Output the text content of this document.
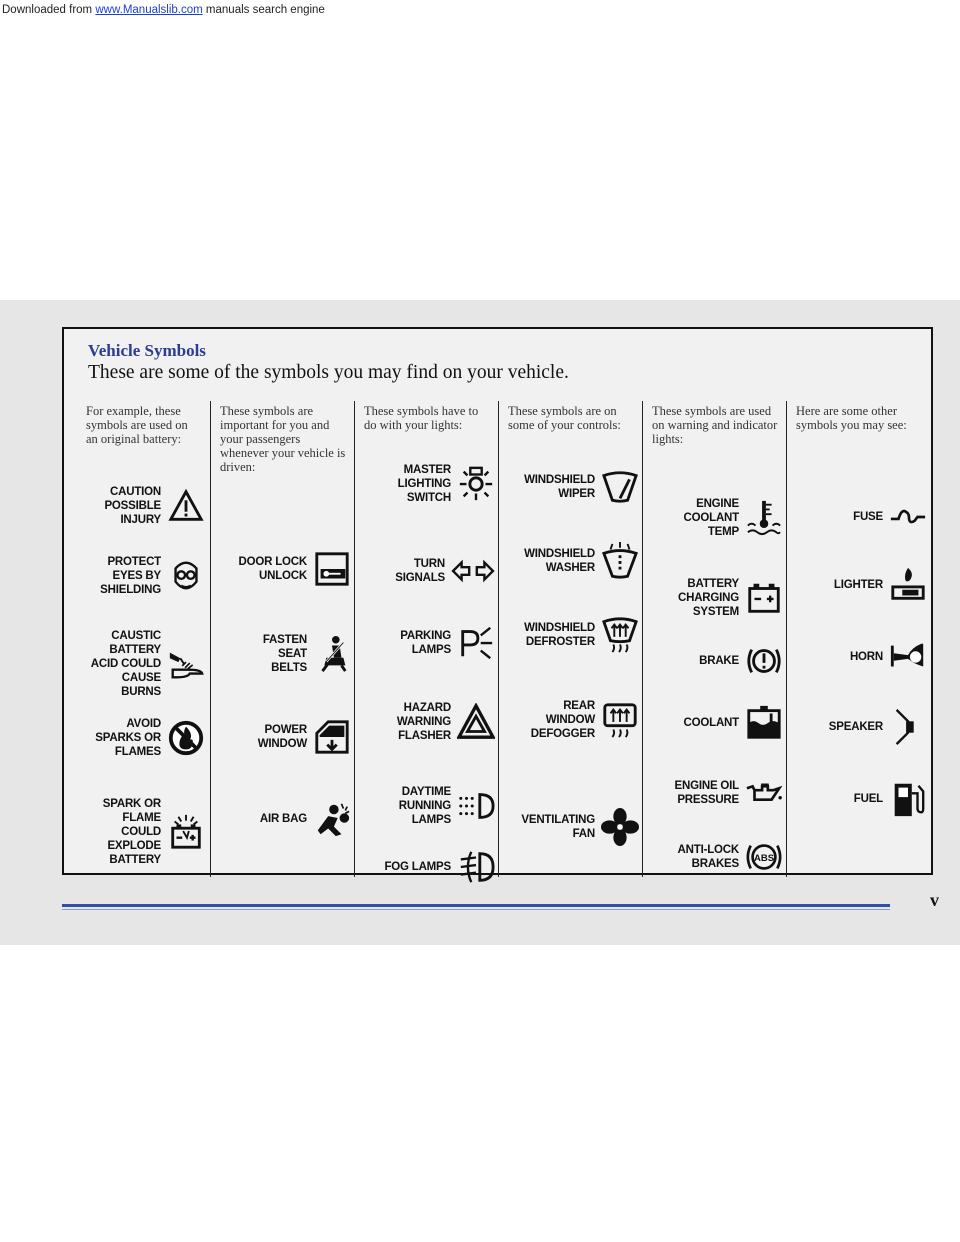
Downloaded from www.Manualslib.com manuals search engine
Vehicle Symbols
These are some of the symbols you may find on your vehicle.
For example, these symbols are used on an original battery:
CAUTION POSSIBLE INJURY
PROTECT EYES BY SHIELDING
CAUSTIC BATTERY ACID COULD CAUSE BURNS
AVOID SPARKS OR FLAMES
SPARK OR FLAME COULD EXPLODE BATTERY
These symbols are important for you and your passengers whenever your vehicle is driven:
DOOR LOCK UNLOCK
FASTEN SEAT BELTS
POWER WINDOW
AIR BAG
These symbols have to do with your lights:
MASTER LIGHTING SWITCH
TURN SIGNALS
PARKING LAMPS
HAZARD WARNING FLASHER
DAYTIME RUNNING LAMPS
FOG LAMPS
These symbols are on some of your controls:
WINDSHIELD WIPER
WINDSHIELD WASHER
WINDSHIELD DEFROSTER
REAR WINDOW DEFOGGER
VENTILATING FAN
These symbols are used on warning and indicator lights:
ENGINE COOLANT TEMP
BATTERY CHARGING SYSTEM
BRAKE
COOLANT
ENGINE OIL PRESSURE
ANTI-LOCK BRAKES ABS
Here are some other symbols you may see:
FUSE
LIGHTER
HORN
SPEAKER
FUEL
v
